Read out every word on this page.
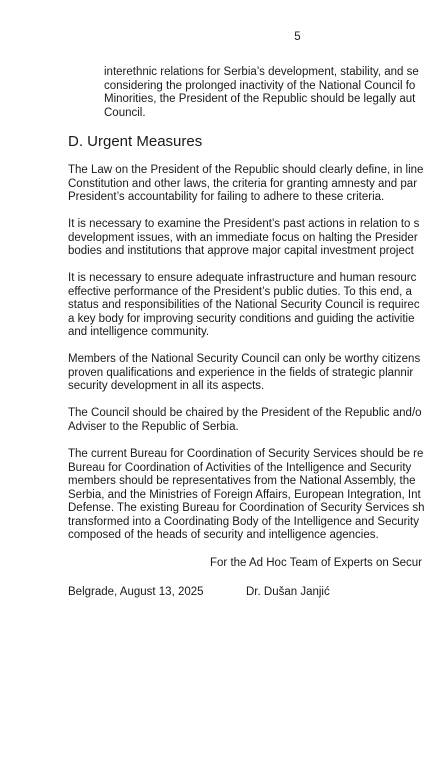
5
interethnic relations for Serbia’s development, stability, and se
considering the prolonged inactivity of the National Council fo
Minorities, the President of the Republic should be legally aut
Council.
D. Urgent Measures
The Law on the President of the Republic should clearly define, in line
Constitution and other laws, the criteria for granting amnesty and par
President’s accountability for failing to adhere to these criteria.
It is necessary to examine the President’s past actions in relation to s
development issues, with an immediate focus on halting the Presider
bodies and institutions that approve major capital investment project
It is necessary to ensure adequate infrastructure and human resourc
effective performance of the President’s public duties. To this end, a
status and responsibilities of the National Security Council is requirec
a key body for improving security conditions and guiding the activitie
and intelligence community.
Members of the National Security Council can only be worthy citizens
proven qualifications and experience in the fields of strategic plannir
security development in all its aspects.
The Council should be chaired by the President of the Republic and/o
Adviser to the Republic of Serbia.
The current Bureau for Coordination of Security Services should be re
Bureau for Coordination of Activities of the Intelligence and Security
members should be representatives from the National Assembly, the
Serbia, and the Ministries of Foreign Affairs, European Integration, Int
Defense. The existing Bureau for Coordination of Security Services sh
transformed into a Coordinating Body of the Intelligence and Security
composed of the heads of security and intelligence agencies.
For the Ad Hoc Team of Experts on Secur
Belgrade, August 13, 2025	Dr. Dušan Janjić
